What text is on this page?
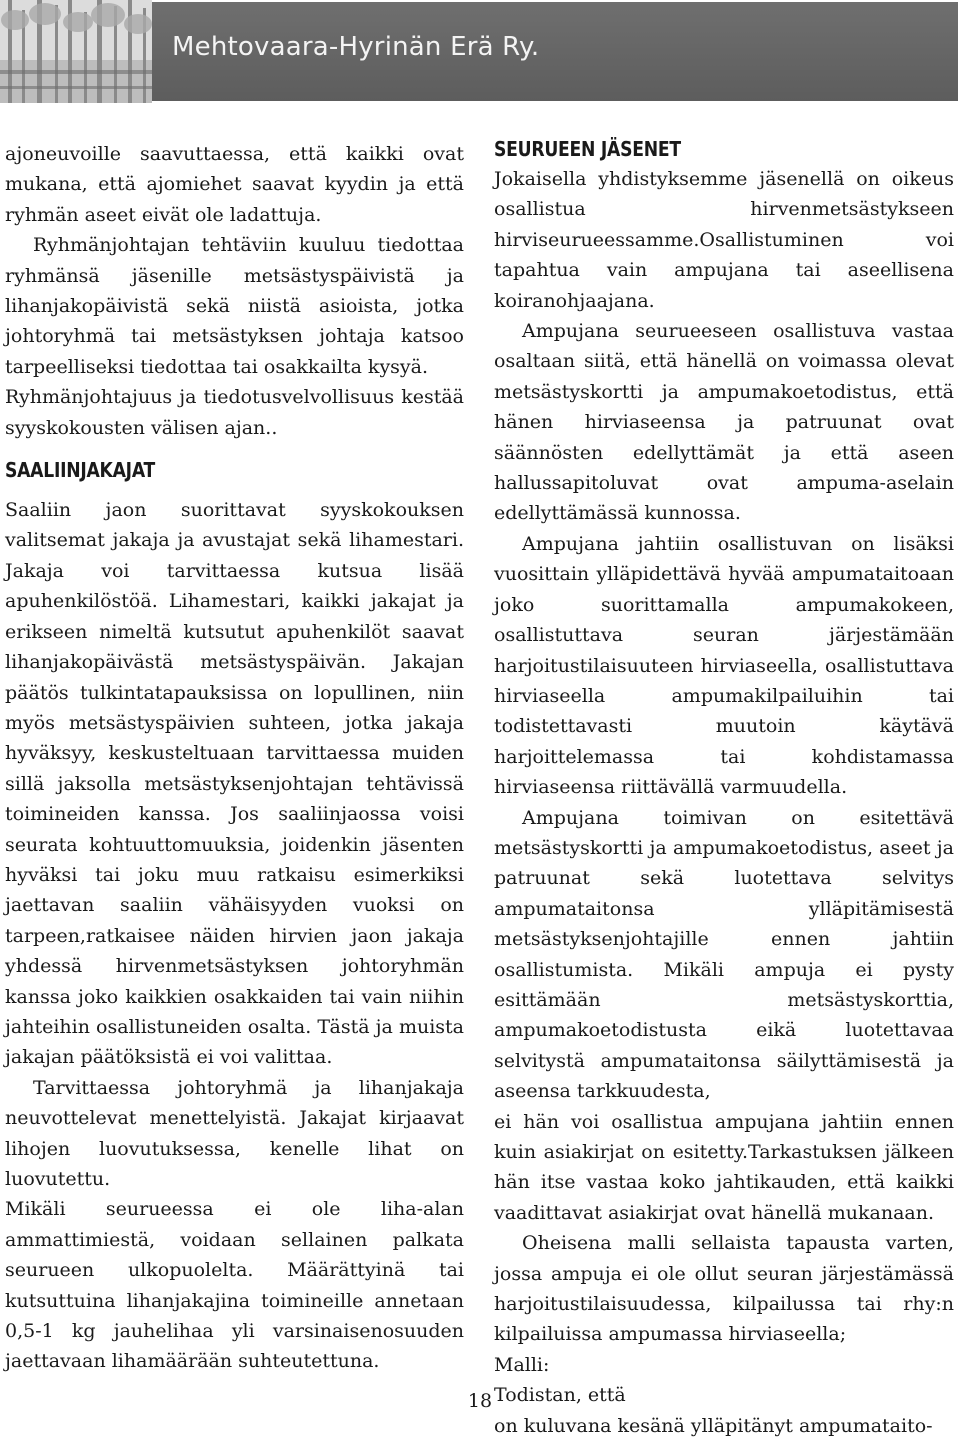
Mehtovaara-Hyrinän Erä Ry.

ajoneuvoille saavuttaessa, että kaikki ovat mukana, että ajomiehet saavat kyydin ja että ryhmän aseet eivät ole ladattuja.

Ryhmänjohtajan tehtäviin kuuluu tiedottaa ryhmänsä jäsenille metsästyspäivistä ja lihanjakopäivistä sekä niistä asioista, jotka johtoryhmä tai metsästyksen johtaja katsoo tarpeelliseksi tiedottaa tai osakkailta kysyä.

Ryhmänjohtajuus ja tiedotusvelvollisuus kestää syyskokousten välisen ajan..

SAALIINJAKAJAT

Saaliin jaon suorittavat syyskokouksen valitsemat jakaja ja avustajat sekä lihamestari. Jakaja voi tarvittaessa kutsua lisää apuhenkilöstöä. Lihamestari, kaikki jakajat ja erikseen nimeltä kutsutut apuhenkilöt saavat lihanjakopäivästä metsästyspäivän. Jakajan päätös tulkintatapauksissa on lopullinen, niin myös metsästyspäivien suhteen, jotka jakaja hyväksyy, keskusteltuaan tarvittaessa muiden sillä jaksolla metsästyksenjohtajan tehtävissä toimineiden kanssa. Jos saaliinjaossa voisi seurata kohtuuttomuuksia, joidenkin jäsenten hyväksi tai joku muu ratkaisu esimerkiksi jaettavan saaliin vähäisyyden vuoksi on tarpeen,ratkaisee näiden hirvien jaon jakaja yhdessä hirvenmetsästyksen johtoryhmän kanssa joko kaikkien osakkaiden tai vain niihin jahteihin osallistuneiden osalta. Tästä ja muista jakajan päätöksistä ei voi valittaa.

Tarvittaessa johtoryhmä ja lihanjakaja neuvottelevat menettelyistä. Jakajat kirjaavat lihojen luovutuksessa, kenelle lihat on luovutettu.

Mikäli seurueessa ei ole liha-alan ammattimiestä, voidaan sellainen palkata seurueen ulkopuolelta. Määrättyinä tai kutsuttuina lihanjakajina toimineille annetaan 0,5-1 kg jauhelihaa yli varsinaisenosuuden jaettavaan lihamäärään suhteutettuna.

SEURUEEN JÄSENET

Jokaisella yhdistyksemme jäsenellä on oikeus osallistua hirvenmetsästykseen hirviseurueessamme.Osallistuminen voi tapahtua vain ampujana tai aseellisena koiranohjaajana.

Ampujana seurueeseen osallistuva vastaa osaltaan siitä, että hänellä on voimassa olevat metsästyskortti ja ampumakoetodistus, että hänen hirviaseensa ja patruunat ovat säännösten edellyttämät ja että aseen hallussapitoluvat ovat ampuma-aselain edellyttämässä kunnossa.

Ampujana jahtiin osallistuvan on lisäksi vuosittain ylläpidettävä hyvää ampumataitoaan joko suorittamalla ampumakokeen, osallistuttava seuran järjestämään harjoitustilaisuuteen hirviaseella, osallistuttava hirviaseella ampumakilpailuihin tai todistettavasti muutoin käytävä harjoittelemassa tai kohdistamassa hirviaseensa riittävällä varmuudella.

Ampujana toimivan on esitettävä metsästyskortti ja ampumakoetodistus, aseet ja patruunat sekä luotettava selvitys ampumataitonsa ylläpitämisestä metsästyksenjohtajille ennen jahtiin osallistumista. Mikäli ampuja ei pysty esittämään metsästyskorttia, ampumakoetodistusta eikä luotettavaa selvitystä ampumataitonsa säilyttämisestä ja aseensa tarkkuudesta,

ei hän voi osallistua ampujana jahtiin ennen kuin asiakirjat on esitetty.Tarkastuksen jälkeen hän itse vastaa koko jahtikauden, että kaikki vaadittavat asiakirjat ovat hänellä mukanaan.

Oheisena malli sellaista tapausta varten, jossa ampuja ei ole ollut seuran järjestämässä harjoitustilaisuudessa, kilpailussa tai rhy:n kilpailuissa ampumassa hirviaseella;

Malli:

Todistan, että

on kuluvana kesänä ylläpitänyt ampumataito-

18
